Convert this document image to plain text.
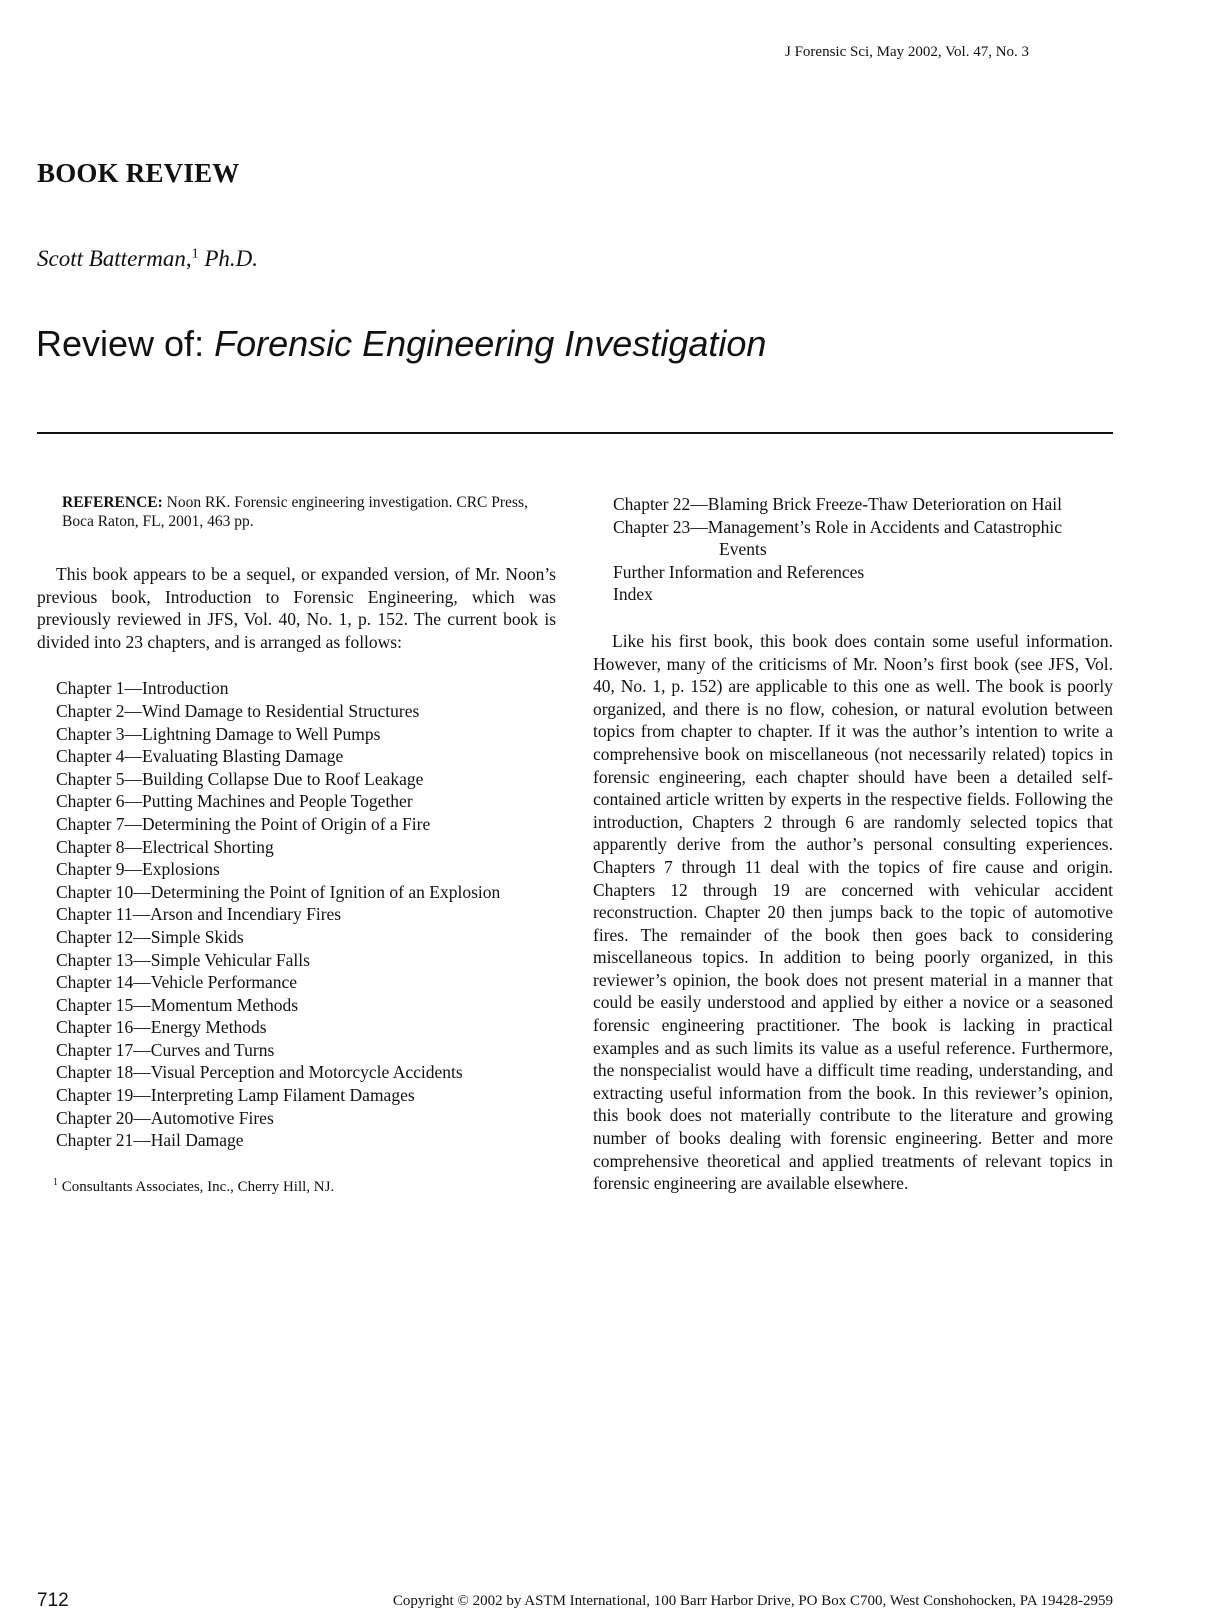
J Forensic Sci, May 2002, Vol. 47, No. 3
BOOK REVIEW
Scott Batterman,$^1$ Ph.D.
Review of: Forensic Engineering Investigation
REFERENCE: Noon RK. Forensic engineering investigation. CRC Press, Boca Raton, FL, 2001, 463 pp.

This book appears to be a sequel, or expanded version, of Mr. Noon’s previous book, Introduction to Forensic Engineering, which was previously reviewed in JFS, Vol. 40, No. 1, p. 152. The current book is divided into 23 chapters, and is arranged as follows:

Chapter 1—Introduction
Chapter 2—Wind Damage to Residential Structures
Chapter 3—Lightning Damage to Well Pumps
Chapter 4—Evaluating Blasting Damage
Chapter 5—Building Collapse Due to Roof Leakage
Chapter 6—Putting Machines and People Together
Chapter 7—Determining the Point of Origin of a Fire
Chapter 8—Electrical Shorting
Chapter 9—Explosions
Chapter 10—Determining the Point of Ignition of an Explosion
Chapter 11—Arson and Incendiary Fires
Chapter 12—Simple Skids
Chapter 13—Simple Vehicular Falls
Chapter 14—Vehicle Performance
Chapter 15—Momentum Methods
Chapter 16—Energy Methods
Chapter 17—Curves and Turns
Chapter 18—Visual Perception and Motorcycle Accidents
Chapter 19—Interpreting Lamp Filament Damages
Chapter 20—Automotive Fires
Chapter 21—Hail Damage
$^1$ Consultants Associates, Inc., Cherry Hill, NJ.
Chapter 22—Blaming Brick Freeze-Thaw Deterioration on Hail
Chapter 23—Management’s Role in Accidents and Catastrophic Events
Further Information and References
Index

Like his first book, this book does contain some useful information. However, many of the criticisms of Mr. Noon’s first book (see JFS, Vol. 40, No. 1, p. 152) are applicable to this one as well. The book is poorly organized, and there is no flow, cohesion, or natural evolution between topics from chapter to chapter. If it was the author’s intention to write a comprehensive book on miscellaneous (not necessarily related) topics in forensic engineering, each chapter should have been a detailed self-contained article written by experts in the respective fields. Following the introduction, Chapters 2 through 6 are randomly selected topics that apparently derive from the author’s personal consulting experiences. Chapters 7 through 11 deal with the topics of fire cause and origin. Chapters 12 through 19 are concerned with vehicular accident reconstruction. Chapter 20 then jumps back to the topic of automotive fires. The remainder of the book then goes back to considering miscellaneous topics. In addition to being poorly organized, in this reviewer’s opinion, the book does not present material in a manner that could be easily understood and applied by either a novice or a seasoned forensic engineering practitioner. The book is lacking in practical examples and as such limits its value as a useful reference. Furthermore, the nonspecialist would have a difficult time reading, understanding, and extracting useful information from the book. In this reviewer’s opinion, this book does not materially contribute to the literature and growing number of books dealing with forensic engineering. Better and more comprehensive theoretical and applied treatments of relevant topics in forensic engineering are available elsewhere.

712	Copyright © 2002 by ASTM International, 100 Barr Harbor Drive, PO Box C700, West Conshohocken, PA 19428-2959
